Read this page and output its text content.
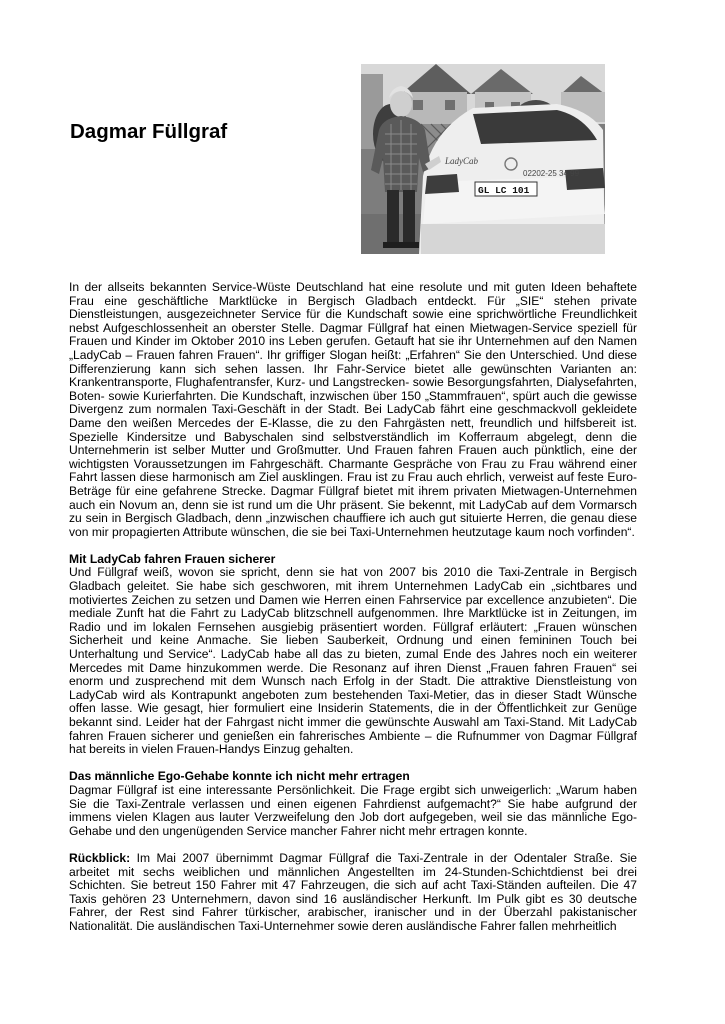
Dagmar Füllgraf
LadyCab
02202-25 34 99
GL LC 101

In der allseits bekannten Service-Wüste Deutschland hat eine resolute und mit guten Ideen behaftete Frau eine geschäftliche Marktlücke in Bergisch Gladbach entdeckt. Für „SIE“ stehen private Dienstleistungen, ausgezeichneter Service für die Kundschaft sowie eine sprichwörtliche Freundlichkeit nebst Aufgeschlossenheit an oberster Stelle. Dagmar Füllgraf hat einen Mietwagen-Service speziell für Frauen und Kinder im Oktober 2010 ins Leben gerufen. Getauft hat sie ihr Unternehmen auf den Namen „LadyCab – Frauen fahren Frauen“. Ihr griffiger Slogan heißt: „Erfahren“ Sie den Unterschied. Und diese Differenzierung kann sich sehen lassen. Ihr Fahr-Service bietet alle gewünschten Varianten an: Krankentransporte, Flughafentransfer, Kurz- und Langstrecken- sowie Besorgungsfahrten, Dialysefahrten, Boten- sowie Kurierfahrten. Die Kundschaft, inzwischen über 150 „Stammfrauen“, spürt auch die gewisse Divergenz zum normalen Taxi-Geschäft in der Stadt. Bei LadyCab fährt eine geschmackvoll gekleidete Dame den weißen Mercedes der E-Klasse, die zu den Fahrgästen nett, freundlich und hilfsbereit ist. Spezielle Kindersitze und Babyschalen sind selbstverständlich im Kofferraum abgelegt, denn die Unternehmerin ist selber Mutter und Großmutter. Und Frauen fahren Frauen auch pünktlich, eine der wichtigsten Voraussetzungen im Fahrgeschäft. Charmante Gespräche von Frau zu Frau während einer Fahrt lassen diese harmonisch am Ziel ausklingen. Frau ist zu Frau auch ehrlich, verweist auf feste Euro-Beträge für eine gefahrene Strecke. Dagmar Füllgraf bietet mit ihrem privaten Mietwagen-Unternehmen auch ein Novum an, denn sie ist rund um die Uhr präsent. Sie bekennt, mit LadyCab auf dem Vormarsch zu sein in Bergisch Gladbach, denn „inzwischen chauffiere ich auch gut situierte Herren, die genau diese von mir propagierten Attribute wünschen, die sie bei Taxi-Unternehmen heutzutage kaum noch vorfinden“.

Mit LadyCab fahren Frauen sicherer

Und Füllgraf weiß, wovon sie spricht, denn sie hat von 2007 bis 2010 die Taxi-Zentrale in Bergisch Gladbach geleitet. Sie habe sich geschworen, mit ihrem Unternehmen LadyCab ein „sichtbares und motiviertes Zeichen zu setzen und Damen wie Herren einen Fahrservice par excellence anzubieten“. Die mediale Zunft hat die Fahrt zu LadyCab blitzschnell aufgenommen. Ihre Marktlücke ist in Zeitungen, im Radio und im lokalen Fernsehen ausgiebig präsentiert worden. Füllgraf erläutert: „Frauen wünschen Sicherheit und keine Anmache. Sie lieben Sauberkeit, Ordnung und einen femininen Touch bei Unterhaltung und Service“. LadyCab habe all das zu bieten, zumal Ende des Jahres noch ein weiterer Mercedes mit Dame hinzukommen werde. Die Resonanz auf ihren Dienst „Frauen fahren Frauen“ sei enorm und zusprechend mit dem Wunsch nach Erfolg in der Stadt. Die attraktive Dienstleistung von LadyCab wird als Kontrapunkt angeboten zum bestehenden Taxi-Metier, das in dieser Stadt Wünsche offen lasse. Wie gesagt, hier formuliert eine Insiderin Statements, die in der Öffentlichkeit zur Genüge bekannt sind. Leider hat der Fahrgast nicht immer die gewünschte Auswahl am Taxi-Stand. Mit LadyCab fahren Frauen sicherer und genießen ein fahrerisches Ambiente – die Rufnummer von Dagmar Füllgraf hat bereits in vielen Frauen-Handys Einzug gehalten.

Das männliche Ego-Gehabe konnte ich nicht mehr ertragen

Dagmar Füllgraf ist eine interessante Persönlichkeit. Die Frage ergibt sich unweigerlich: „Warum haben Sie die Taxi-Zentrale verlassen und einen eigenen Fahrdienst aufgemacht?“ Sie habe aufgrund der immens vielen Klagen aus lauter Verzweifelung den Job dort aufgegeben, weil sie das männliche Ego-Gehabe und den ungenügenden Service mancher Fahrer nicht mehr ertragen konnte.

Rückblick: Im Mai 2007 übernimmt Dagmar Füllgraf die Taxi-Zentrale in der Odentaler Straße. Sie arbeitet mit sechs weiblichen und männlichen Angestellten im 24-Stunden-Schichtdienst bei drei Schichten. Sie betreut 150 Fahrer mit 47 Fahrzeugen, die sich auf acht Taxi-Ständen aufteilen. Die 47 Taxis gehören 23 Unternehmern, davon sind 16 ausländischer Herkunft. Im Pulk gibt es 30 deutsche Fahrer, der Rest sind Fahrer türkischer, arabischer, iranischer und in der Überzahl pakistanischer Nationalität. Die ausländischen Taxi-Unternehmer sowie deren ausländische Fahrer fallen mehrheitlich
